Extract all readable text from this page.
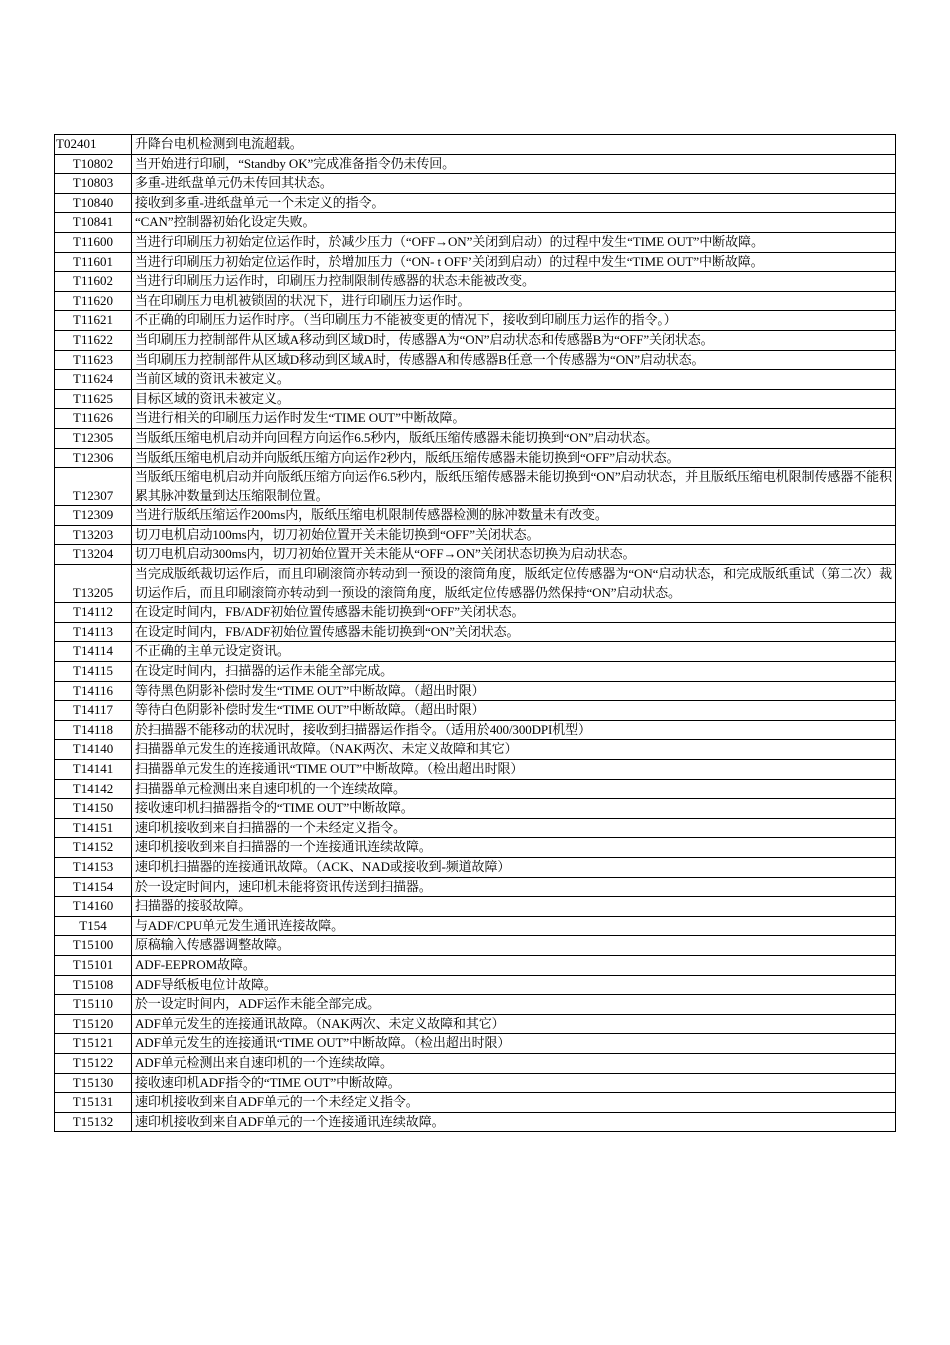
T02401	升降台电机检测到电流超载。
T10802	当开始进行印刷，“Standby OK”完成准备指令仍未传回。
T10803	多重-进纸盘单元仍未传回其状态。
T10840	接收到多重-进纸盘单元一个未定义的指令。
T10841	“CAN”控制器初始化设定失败。
T11600	当进行印刷压力初始定位运作时，於减少压力（“OFF→ON”关闭到启动）的过程中发生“TIME OUT”中断故障。
T11601	当进行印刷压力初始定位运作时，於增加压力（“ON- t OFF’关闭到启动）的过程中发生“TIME OUT”中断故障。
T11602	当进行印刷压力运作时，印刷压力控制限制传感器的状态未能被改变。
T11620	当在印刷压力电机被锁固的状况下，进行印刷压力运作时。
T11621	不正确的印刷压力运作时序。（当印刷压力不能被变更的情况下，接收到印刷压力运作的指令。）
T11622	当印刷压力控制部件从区域A移动到区域D时，传感器A为“ON”启动状态和传感器B为“OFF”关闭状态。
T11623	当印刷压力控制部件从区域D移动到区域A时，传感器A和传感器B任意一个传感器为“ON”启动状态。
T11624	当前区域的资讯未被定义。
T11625	目标区域的资讯未被定义。
T11626	当进行相关的印刷压力运作时发生“TIME OUT”中断故障。
T12305	当版纸压缩电机启动并向回程方向运作6.5秒内，版纸压缩传感器未能切换到“ON”启动状态。
T12306	当版纸压缩电机启动并向版纸压缩方向运作2秒内，版纸压缩传感器未能切换到“OFF”启动状态。
T12307	当版纸压缩电机启动并向版纸压缩方向运作6.5秒内，版纸压缩传感器未能切换到“ON”启动状态，并且版纸压缩电机限制传感器不能积累其脉冲数量到达压缩限制位置。
T12309	当进行版纸压缩运作200ms内，版纸压缩电机限制传感器检测的脉冲数量未有改变。
T13203	切刀电机启动100ms内，切刀初始位置开关未能切换到“OFF”关闭状态。
T13204	切刀电机启动300ms内，切刀初始位置开关未能从“OFF→ON”关闭状态切换为启动状态。
T13205	当完成版纸裁切运作后，而且印刷滚筒亦转动到一预设的滚筒角度，版纸定位传感器为“ON“启动状态，和完成版纸重试（第二次）裁切运作后，而且印刷滚筒亦转动到一预设的滚筒角度，版纸定位传感器仍然保持“ON”启动状态。
T14112	在设定时间内，FB/ADF初始位置传感器未能切换到“OFF”关闭状态。
T14113	在设定时间内，FB/ADF初始位置传感器未能切换到“ON”关闭状态。
T14114	不正确的主单元设定资讯。
T14115	在设定时间内，扫描器的运作未能全部完成。
T14116	等待黑色阴影补偿时发生“TIME OUT”中断故障。（超出时限）
T14117	等待白色阴影补偿时发生“TIME OUT”中断故障。（超出时限）
T14118	於扫描器不能移动的状况时，接收到扫描器运作指令。（适用於400/300DPI机型）
T14140	扫描器单元发生的连接通讯故障。（NAK两次、未定义故障和其它）
T14141	扫描器单元发生的连接通讯“TIME OUT”中断故障。（检出超出时限）
T14142	扫描器单元检测出来自速印机的一个连续故障。
T14150	接收速印机扫描器指令的“TIME OUT”中断故障。
T14151	速印机接收到来自扫描器的一个未经定义指令。
T14152	速印机接收到来自扫描器的一个连接通讯连续故障。
T14153	速印机扫描器的连接通讯故障。（ACK、NAD或接收到-频道故障）
T14154	於一设定时间内，速印机未能将资讯传送到扫描器。
T14160	扫描器的接驳故障。
T154	与ADF/CPU单元发生通讯连接故障。
T15100	原稿输入传感器调整故障。
T15101	ADF-EEPROM故障。
T15108	ADF导纸板电位计故障。
T15110	於一设定时间内，ADF运作未能全部完成。
T15120	ADF单元发生的连接通讯故障。（NAK两次、未定义故障和其它）
T15121	ADF单元发生的连接通讯“TIME OUT”中断故障。（检出超出时限）
T15122	ADF单元检测出来自速印机的一个连续故障。
T15130	接收速印机ADF指令的“TIME OUT”中断故障。
T15131	速印机接收到来自ADF单元的一个未经定义指令。
T15132	速印机接收到来自ADF单元的一个连接通讯连续故障。
